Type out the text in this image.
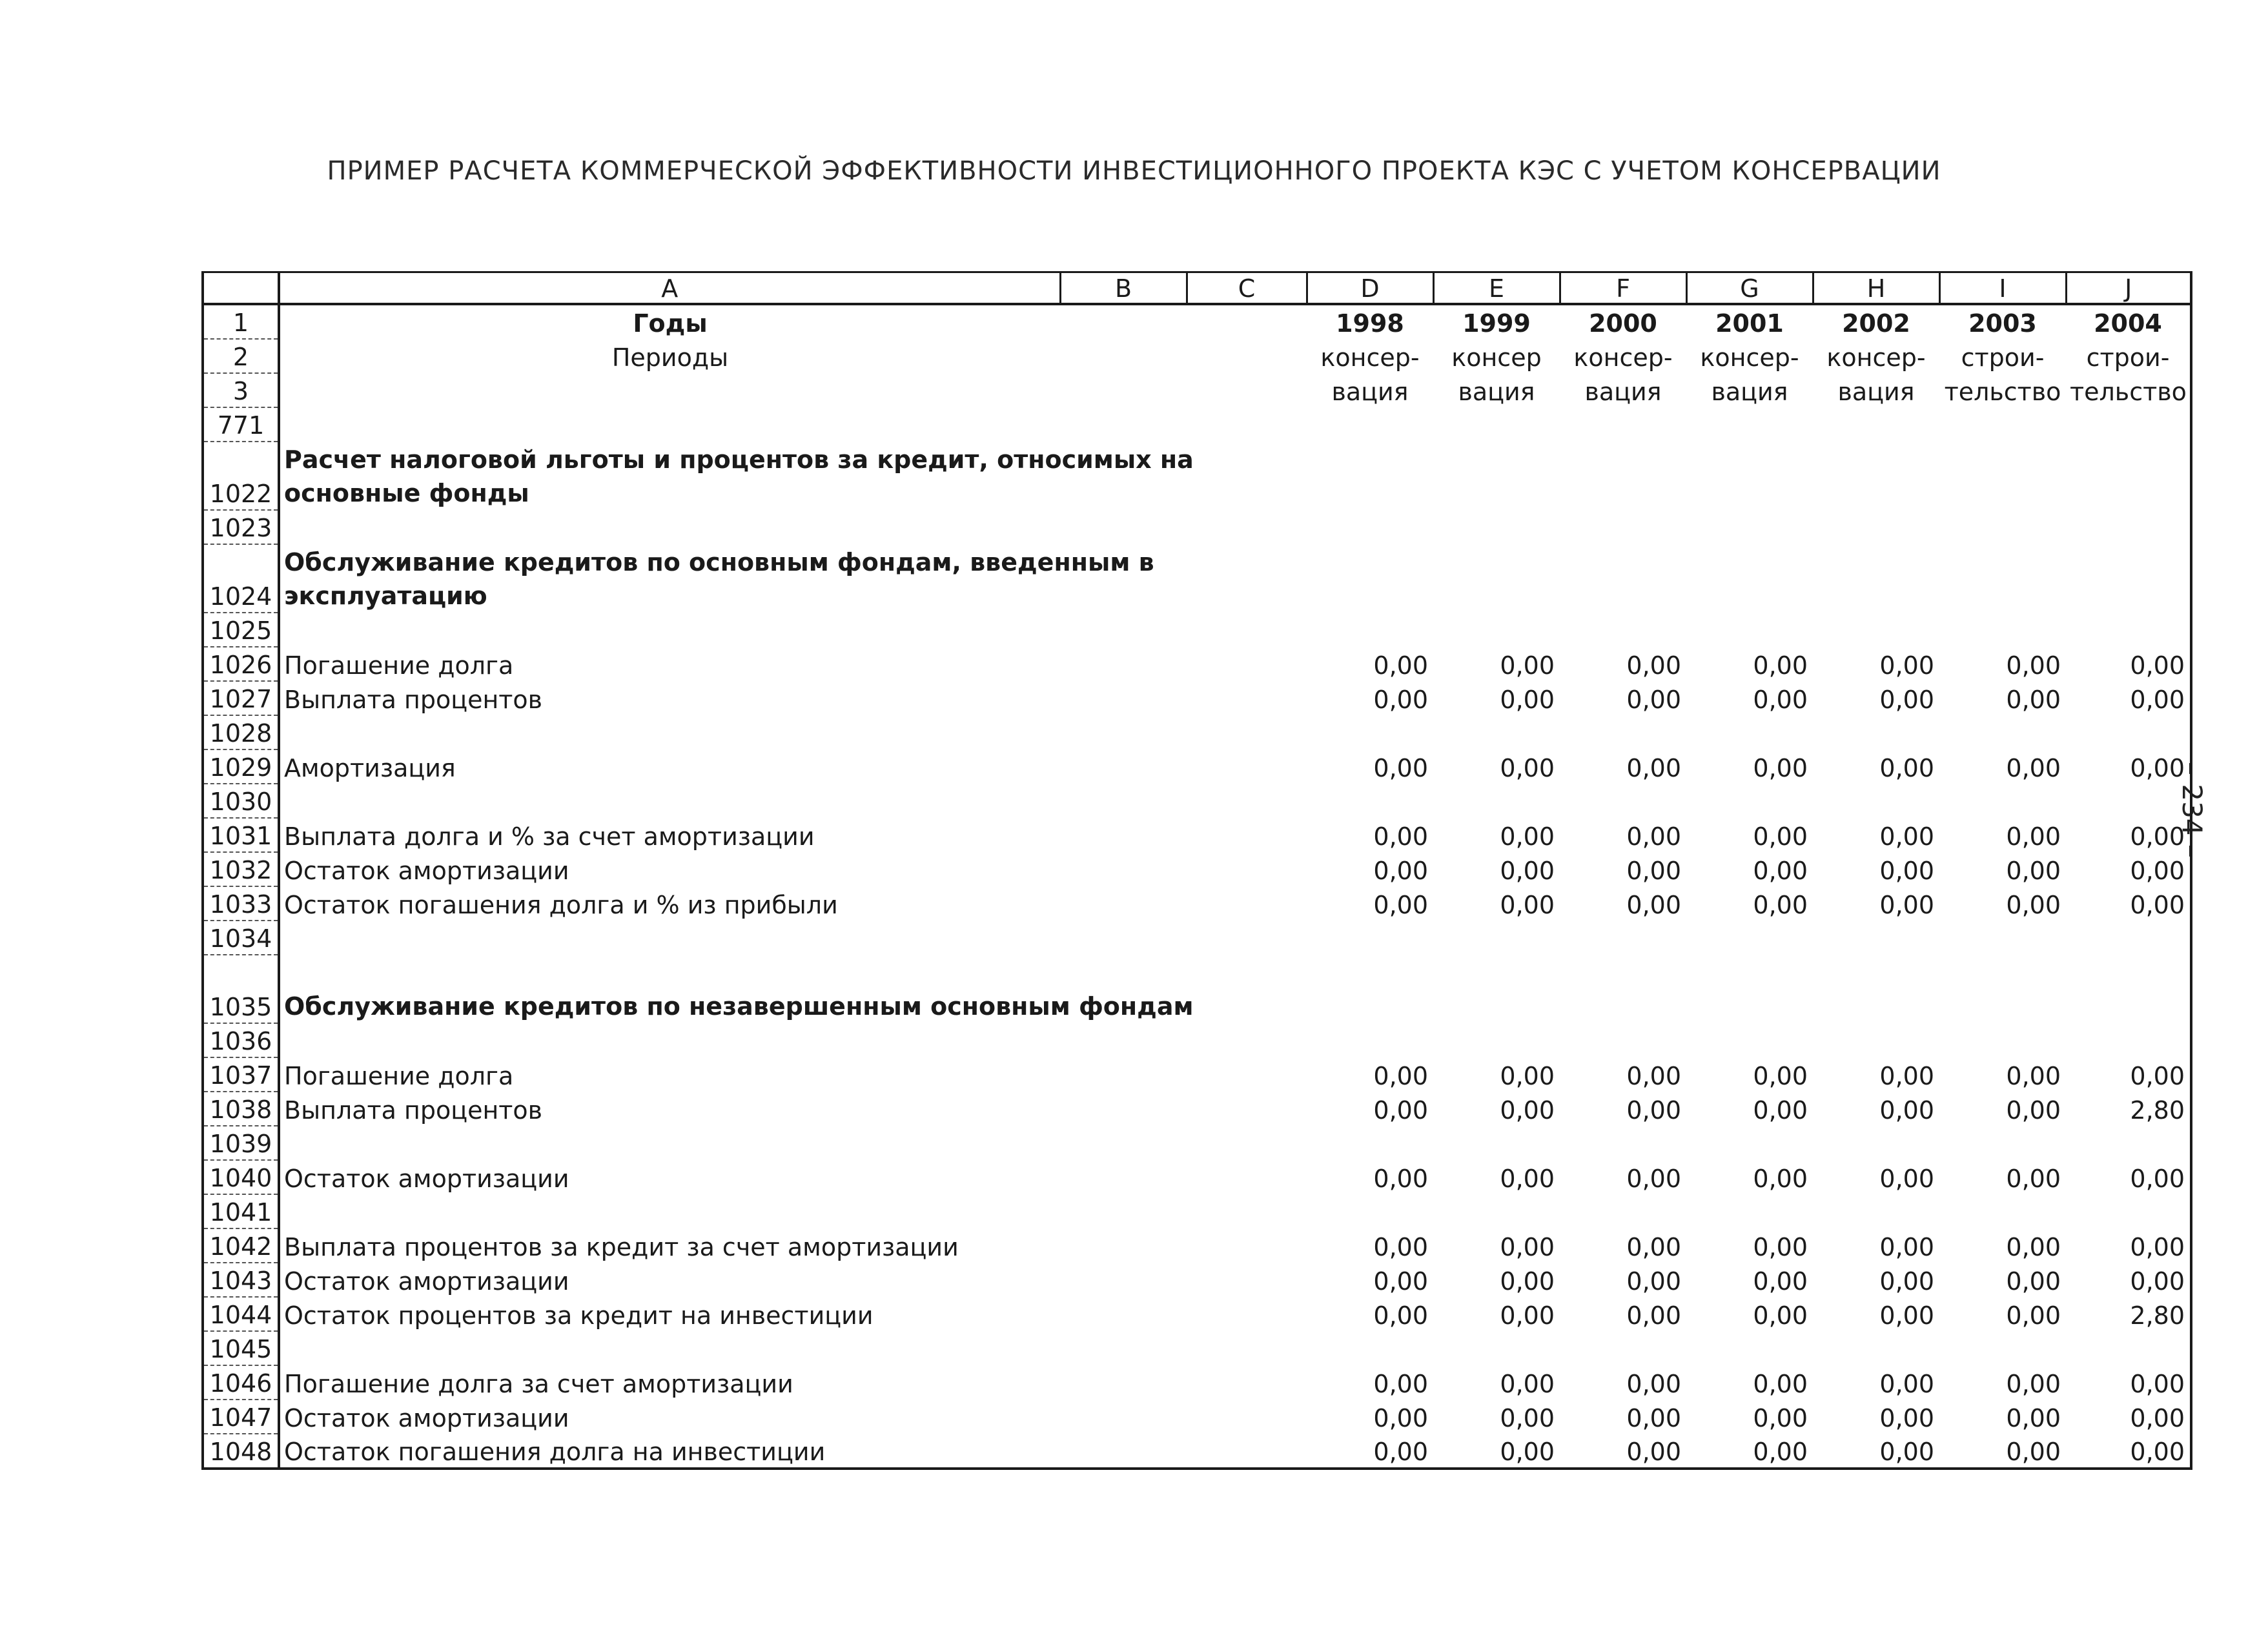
ПРИМЕР РАСЧЕТА КОММЕРЧЕСКОЙ ЭФФЕКТИВНОСТИ ИНВЕСТИЦИОННОГО ПРОЕКТА КЭС С УЧЕТОМ КОНСЕРВАЦИИ
– 234 –
	A	B	C	D	E	F	G	H	I	J
1	Годы			1998	1999	2000	2001	2002	2003	2004
2	Периоды			консер-	консер	консер-	консер-	консер-	строи-	строи-
3				вация	вация	вация	вация	вация	тельство	тельство
771										
1022	Расчет налоговой льготы и процентов за кредит, относимых на основные фонды									
1023										
1024	Обслуживание кредитов по основным фондам, введенным в эксплуатацию									
1025										
1026	Погашение долга			0,00	0,00	0,00	0,00	0,00	0,00	0,00
1027	Выплата процентов			0,00	0,00	0,00	0,00	0,00	0,00	0,00
1028										
1029	Амортизация			0,00	0,00	0,00	0,00	0,00	0,00	0,00
1030										
1031	Выплата долга и % за счет амортизации			0,00	0,00	0,00	0,00	0,00	0,00	0,00
1032	Остаток амортизации			0,00	0,00	0,00	0,00	0,00	0,00	0,00
1033	Остаток погашения долга и % из прибыли			0,00	0,00	0,00	0,00	0,00	0,00	0,00
1034										
1035	Обслуживание кредитов по незавершенным основным фондам									
1036										
1037	Погашение долга			0,00	0,00	0,00	0,00	0,00	0,00	0,00
1038	Выплата процентов			0,00	0,00	0,00	0,00	0,00	0,00	2,80
1039										
1040	Остаток амортизации			0,00	0,00	0,00	0,00	0,00	0,00	0,00
1041										
1042	Выплата процентов за кредит за счет амортизации			0,00	0,00	0,00	0,00	0,00	0,00	0,00
1043	Остаток амортизации			0,00	0,00	0,00	0,00	0,00	0,00	0,00
1044	Остаток процентов за кредит на инвестиции			0,00	0,00	0,00	0,00	0,00	0,00	2,80
1045										
1046	Погашение долга за счет амортизации			0,00	0,00	0,00	0,00	0,00	0,00	0,00
1047	Остаток амортизации			0,00	0,00	0,00	0,00	0,00	0,00	0,00
1048	Остаток погашения долга на инвестиции			0,00	0,00	0,00	0,00	0,00	0,00	0,00
